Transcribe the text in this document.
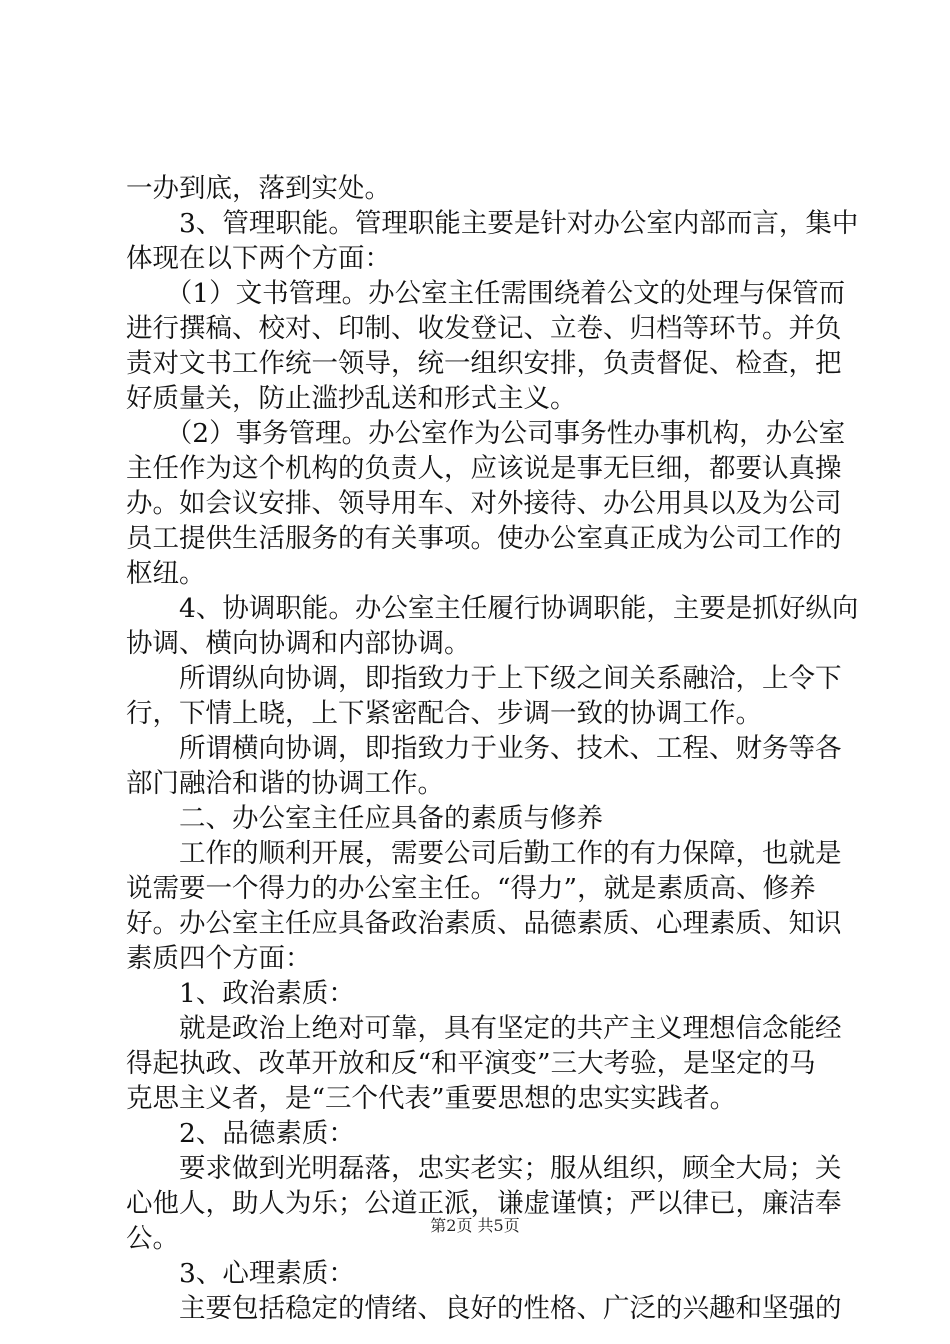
一办到底，落到实处。
3、管理职能。管理职能主要是针对办公室内部而言，集中
体现在以下两个方面：
（1）文书管理。办公室主任需围绕着公文的处理与保管而
进行撰稿、校对、印制、收发登记、立卷、归档等环节。并负
责对文书工作统一领导，统一组织安排，负责督促、检查，把
好质量关，防止滥抄乱送和形式主义。
（2）事务管理。办公室作为公司事务性办事机构，办公室
主任作为这个机构的负责人，应该说是事无巨细，都要认真操
办。如会议安排、领导用车、对外接待、办公用具以及为公司
员工提供生活服务的有关事项。使办公室真正成为公司工作的
枢纽。
4、协调职能。办公室主任履行协调职能，主要是抓好纵向
协调、横向协调和内部协调。
所谓纵向协调，即指致力于上下级之间关系融洽，上令下
行，下情上晓，上下紧密配合、步调一致的协调工作。
所谓横向协调，即指致力于业务、技术、工程、财务等各
部门融洽和谐的协调工作。
二、办公室主任应具备的素质与修养
工作的顺利开展，需要公司后勤工作的有力保障，也就是
说需要一个得力的办公室主任。“得力”，就是素质高、修养
好。办公室主任应具备政治素质、品德素质、心理素质、知识
素质四个方面：
1、政治素质：
就是政治上绝对可靠，具有坚定的共产主义理想信念能经
得起执政、改革开放和反“和平演变”三大考验，是坚定的马
克思主义者，是“三个代表”重要思想的忠实实践者。
2、品德素质：
要求做到光明磊落，忠实老实；服从组织，顾全大局；关
心他人，助人为乐；公道正派，谦虚谨慎；严以律已，廉洁奉
公。
3、心理素质：
主要包括稳定的情绪、良好的性格、广泛的兴趣和坚强的
第2页 共5页
